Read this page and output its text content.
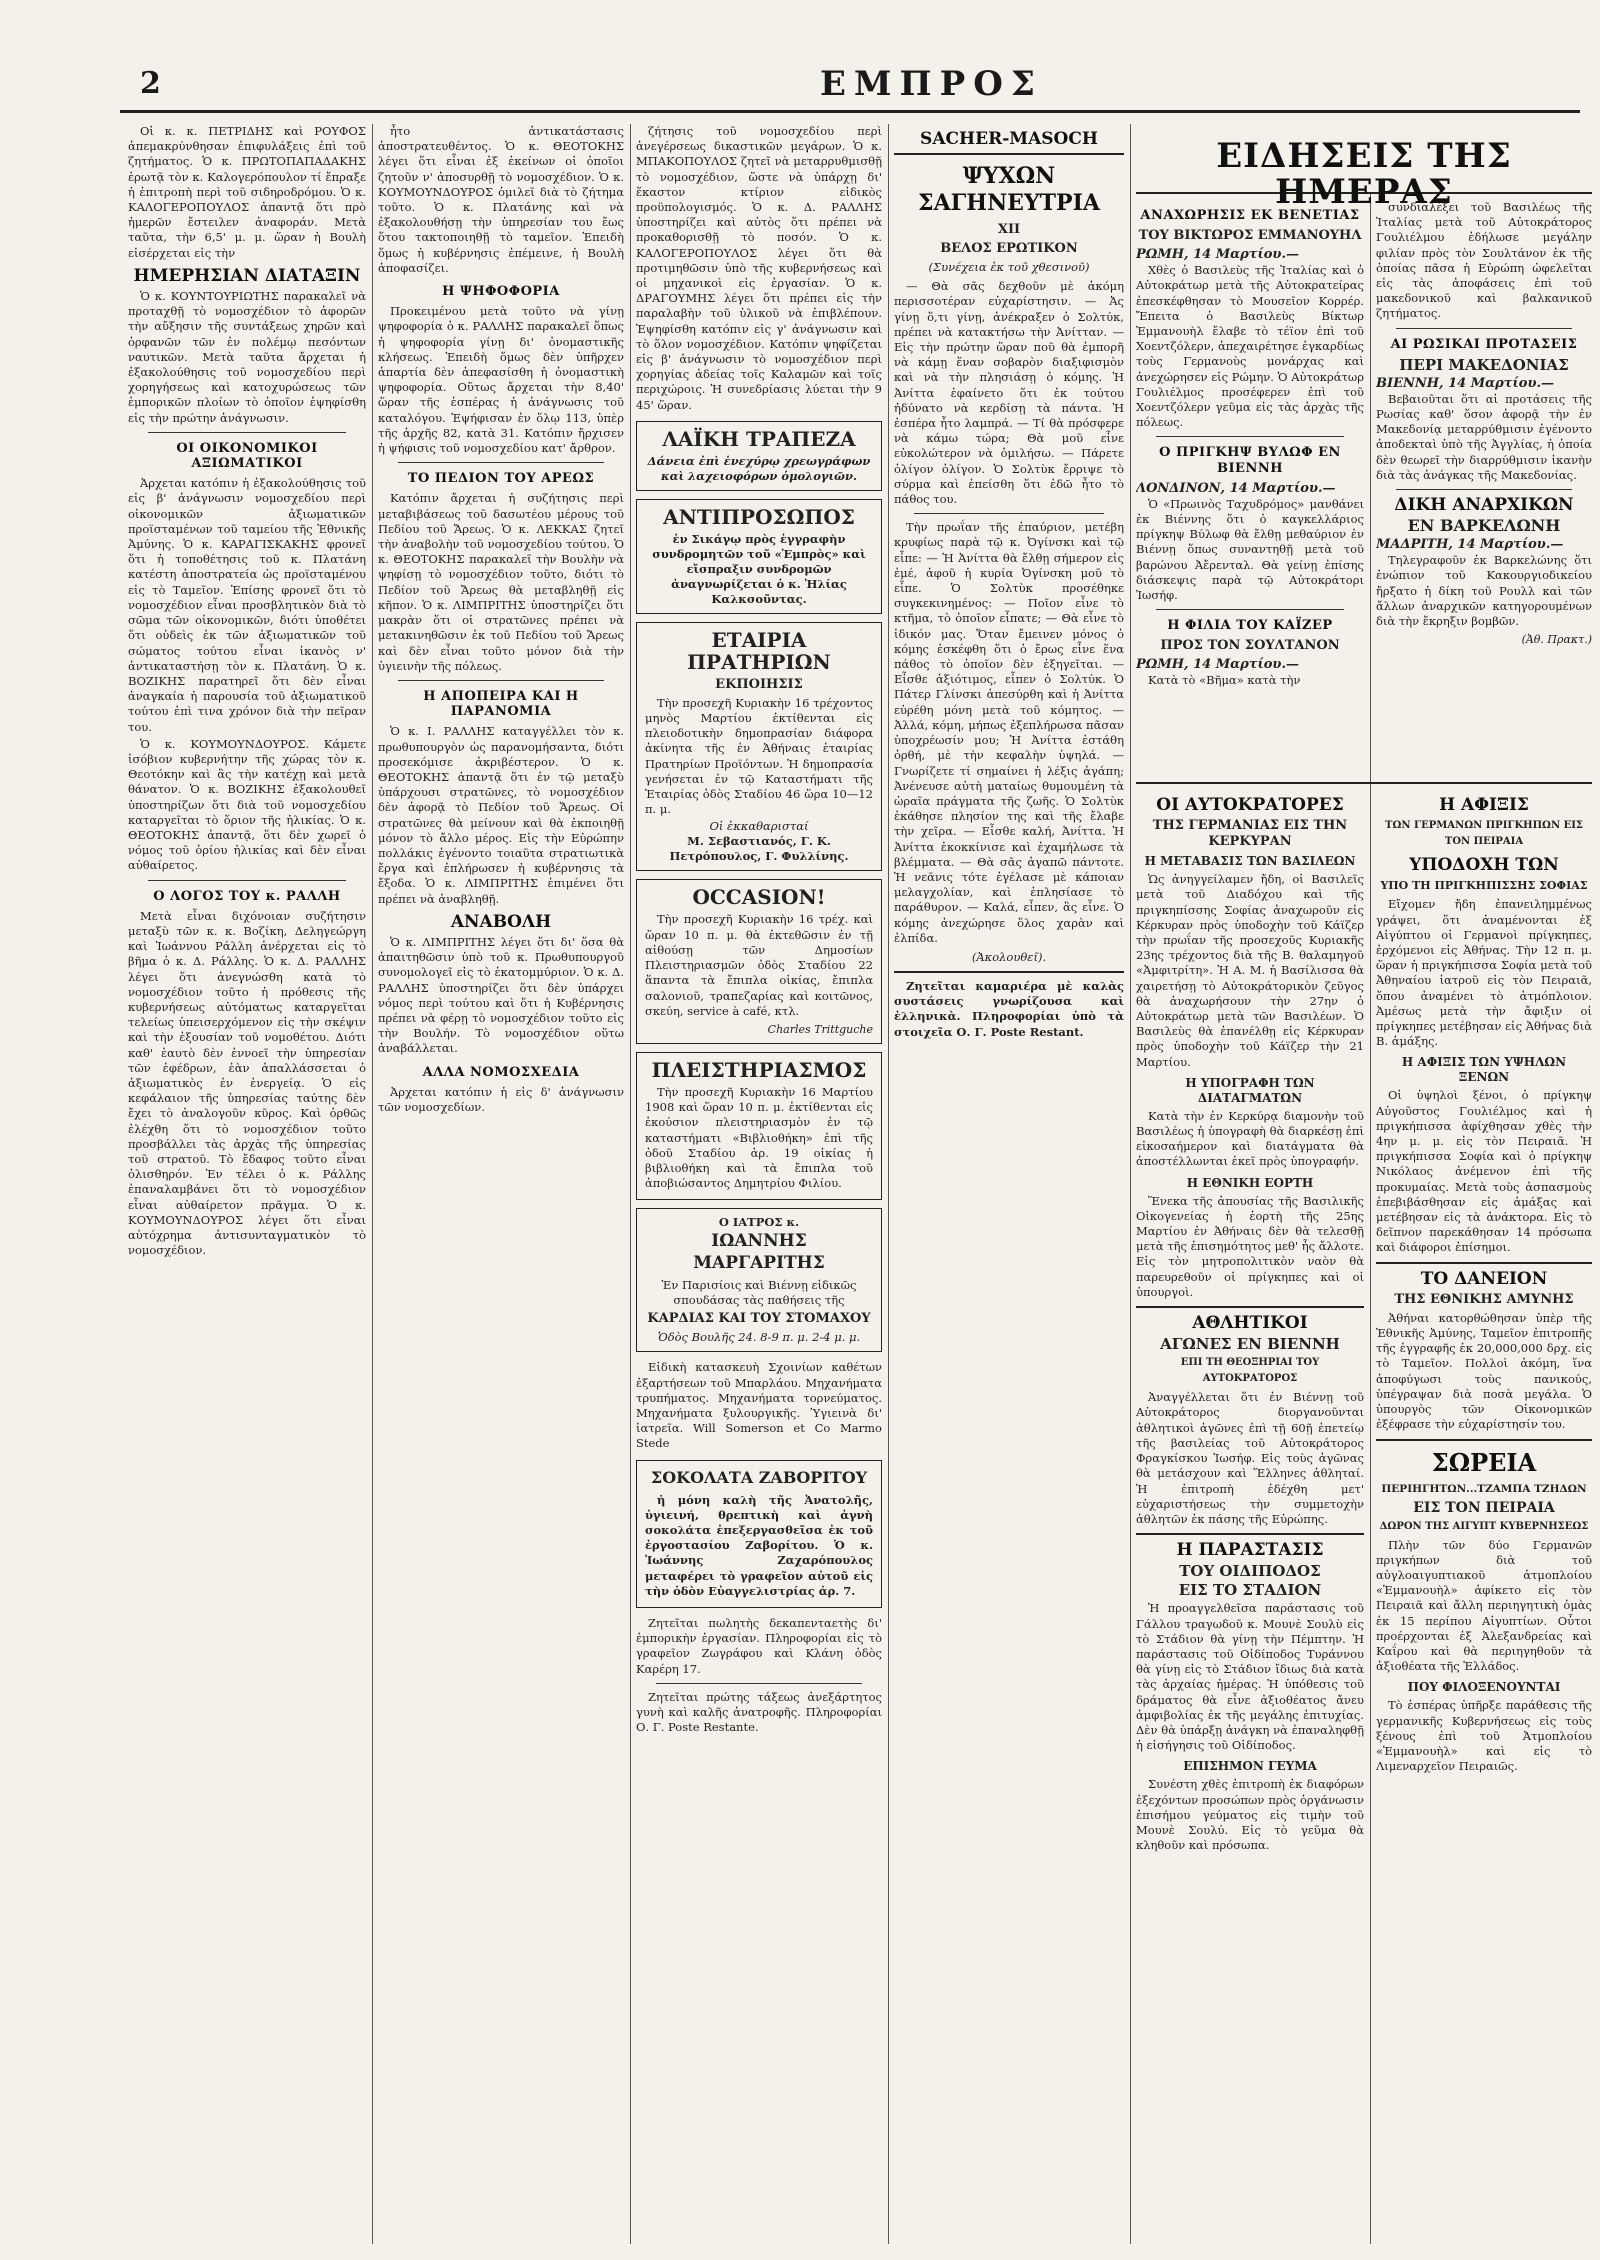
2	ΕΜΠΡΟΣ

Οἱ κ. κ. ΠΕΤΡΙΔΗΣ καὶ ΡΟΥΦΟΣ ἀπεμακρύνθησαν ἐπιφυλάξεις ἐπὶ τοῦ ζητήματος. Ὁ κ. ΠΡΩΤΟΠΑΠΑΔΑΚΗΣ ἐρωτᾷ τὸν κ. Καλογερόπουλον τί ἔπραξε ἡ ἐπιτροπὴ περὶ τοῦ σιδηροδρόμου. Ὁ κ. ΚΑΛΟΓΕΡΟΠΟΥΛΟΣ ἀπαντᾷ ὅτι πρὸ ἡμερῶν ἔστειλεν ἀναφοράν. Μετὰ ταῦτα, τὴν 6,5' μ. μ. ὥραν ἡ Βουλὴ εἰσέρχεται εἰς τὴν

ΗΜΕΡΗΣΙΑΝ ΔΙΑΤΑΞΙΝ

Ὁ κ. ΚΟΥΝΤΟΥΡΙΩΤΗΣ παρακαλεῖ νὰ προταχθῇ τὸ νομοσχέδιον τὸ ἀφορῶν τὴν αὔξησιν τῆς συντάξεως χηρῶν καὶ ὀρφανῶν τῶν ἐν πολέμῳ πεσόντων ναυτικῶν. Μετὰ ταῦτα ἄρχεται ἡ ἐξακολούθησις τοῦ νομοσχεδίου περὶ χορηγήσεως καὶ κατοχυρώσεως τῶν ἐμπορικῶν πλοίων τὸ ὁποῖον ἐψηφίσθη εἰς τὴν πρώτην ἀνάγνωσιν.

ΟΙ ΟΙΚΟΝΟΜΙΚΟΙ ΑΞΙΩΜΑΤΙΚΟΙ

Ἀρχεται κατόπιν ἡ ἐξακολούθησις τοῦ εἰς β' ἀνάγνωσιν νομοσχεδίου περὶ οἰκονομικῶν ἀξιωματικῶν προϊσταμένων τοῦ ταμείου τῆς Ἐθνικῆς Ἀμύνης. Ὁ κ. ΚΑΡΑΓΙΣΚΑΚΗΣ φρονεῖ ὅτι ἡ τοποθέτησις τοῦ κ. Πλατάνη κατέστη ἀποστρατεία ὡς προϊσταμένου εἰς τὸ Ταμεῖον. Ἐπίσης φρονεῖ ὅτι τὸ νομοσχέδιον εἶναι προσβλητικὸν διὰ τὸ σῶμα τῶν οἰκονομικῶν, διότι ὑποθέτει ὅτι οὐδεὶς ἐκ τῶν ἀξιωματικῶν τοῦ σώματος τούτου εἶναι ἱκανὸς ν' ἀντικαταστήσῃ τὸν κ. Πλατάνη. Ὁ κ. ΒΟΖΙΚΗΣ παρατηρεῖ ὅτι δὲν εἶναι ἀναγκαία ἡ παρουσία τοῦ ἀξιωματικοῦ τούτου ἐπὶ τινα χρόνον διὰ τὴν πεῖραν του.

Ὁ κ. ΚΟΥΜΟΥΝΔΟΥΡΟΣ. Κάμετε ἰσόβιον κυβερνήτην τῆς χώρας τὸν κ. Θεοτόκην καὶ ἂς τὴν κατέχῃ καὶ μετὰ θάνατον. Ὁ κ. ΒΟΖΙΚΗΣ ἐξακολουθεῖ ὑποστηρίζων ὅτι διὰ τοῦ νομοσχεδίου καταργεῖται τὸ ὅριον τῆς ἡλικίας. Ὁ κ. ΘΕΟΤΟΚΗΣ ἀπαντᾷ, ὅτι δὲν χωρεῖ ὁ νόμος τοῦ ὁρίου ἡλικίας καὶ δὲν εἶναι αὐθαίρετος.

Ο ΛΟΓΟΣ ΤΟΥ κ. ΡΑΛΛΗ

Μετὰ εἶναι διχόνοιαν συζήτησιν μεταξὺ τῶν κ. κ. Βοζίκη, Δεληγεώργη καὶ Ἰωάννου Ράλλη ἀνέρχεται εἰς τὸ βῆμα ὁ κ. Δ. Ράλλης. Ὁ κ. Δ. ΡΑΛΛΗΣ λέγει ὅτι ἀνεγνώσθη κατὰ τὸ νομοσχέδιον τοῦτο ἡ πρόθεσις τῆς κυβερνήσεως αὐτόματως καταργεῖται τελείως ὑπεισερχόμενον εἰς τὴν σκέψιν καὶ τὴν ἐξουσίαν τοῦ νομοθέτου. Διότι καθ' ἑαυτὸ δὲν ἐννοεῖ τὴν ὑπηρεσίαν τῶν ἐφέδρων, ἐὰν ἀπαλλάσσεται ὁ ἀξιωματικὸς ἐν ἐνεργείᾳ. Ὁ εἰς κεφάλαιον τῆς ὑπηρεσίας ταύτης δὲν ἔχει τὸ ἀναλογοῦν κῦρος. Καὶ ὀρθῶς ἐλέχθη ὅτι τὸ νομοσχέδιον τοῦτο προσβάλλει τὰς ἀρχὰς τῆς ὑπηρεσίας τοῦ στρατοῦ. Τὸ ἔδαφος τοῦτο εἶναι ὀλισθηρόν. Ἐν τέλει ὁ κ. Ράλλης ἐπαναλαμβάνει ὅτι τὸ νομοσχέδιον εἶναι αὐθαίρετον πρᾶγμα. Ὁ κ. ΚΟΥΜΟΥΝΔΟΥΡΟΣ λέγει ὅτι εἶναι αὐτόχρημα ἀντισυνταγματικὸν τὸ νομοσχέδιον.

ἦτο ἀντικατάστασις ἀποστρατευθέντος. Ὁ κ. ΘΕΟΤΟΚΗΣ λέγει ὅτι εἶναι ἐξ ἐκείνων οἱ ὁποῖοι ζητοῦν ν' ἀποσυρθῇ τὸ νομοσχέδιον. Ὁ κ. ΚΟΥΜΟΥΝΔΟΥΡΟΣ ὁμιλεῖ διὰ τὸ ζήτημα τοῦτο. Ὁ κ. Πλατάνης καὶ νὰ ἐξακολουθήσῃ τὴν ὑπηρεσίαν του ἔως ὅτου τακτοποιηθῇ τὸ ταμεῖον. Ἐπειδὴ ὅμως ἡ κυβέρνησις ἐπέμεινε, ἡ Βουλὴ ἀποφασίζει.

Η ΨΗΦΟΦΟΡΙΑ

Προκειμένου μετὰ τοῦτο νὰ γίνῃ ψηφοφορία ὁ κ. ΡΑΛΛΗΣ παρακαλεῖ ὅπως ἡ ψηφοφορία γίνῃ δι' ὀνομαστικῆς κλήσεως. Ἐπειδὴ ὅμως δὲν ὑπῆρχεν ἀπαρτία δὲν ἀπεφασίσθη ἡ ὀνομαστικὴ ψηφοφορία. Οὕτως ἄρχεται τὴν 8,40' ὥραν τῆς ἑσπέρας ἡ ἀνάγνωσις τοῦ καταλόγου. Ἐψήφισαν ἐν ὅλῳ 113, ὑπὲρ τῆς ἀρχῆς 82, κατὰ 31. Κατόπιν ἤρχισεν ἡ ψήφισις τοῦ νομοσχεδίου κατ' ἄρθρον.

ΤΟ ΠΕΔΙΟΝ ΤΟΥ ΑΡΕΩΣ

Κατόπιν ἄρχεται ἡ συζήτησις περὶ μεταβιβάσεως τοῦ δασωτέου μέρους τοῦ Πεδίου τοῦ Ἄρεως. Ὁ κ. ΛΕΚΚΑΣ ζητεῖ τὴν ἀναβολὴν τοῦ νομοσχεδίου τούτου. Ὁ κ. ΘΕΟΤΟΚΗΣ παρακαλεῖ τὴν Βουλὴν νὰ ψηφίσῃ τὸ νομοσχέδιον τοῦτο, διότι τὸ Πεδίον τοῦ Ἄρεως θὰ μεταβληθῇ εἰς κῆπον. Ὁ κ. ΛΙΜΠΡΙΤΗΣ ὑποστηρίζει ὅτι μακρὰν ὅτι οἱ στρατῶνες πρέπει νὰ μετακινηθῶσιν ἐκ τοῦ Πεδίου τοῦ Ἄρεως καὶ δὲν εἶναι τοῦτο μόνον διὰ τὴν ὑγιεινὴν τῆς πόλεως.

Η ΑΠΟΠΕΙΡΑ ΚΑΙ Η ΠΑΡΑΝΟΜΙΑ

Ὁ κ. Ι. ΡΑΛΛΗΣ καταγγέλλει τὸν κ. πρωθυπουργὸν ὡς παρανομήσαντα, διότι προσεκόμισε ἀκριβέστερον. Ὁ κ. ΘΕΟΤΟΚΗΣ ἀπαντᾷ ὅτι ἐν τῷ μεταξὺ ὑπάρχουσι στρατῶνες, τὸ νομοσχέδιον δὲν ἀφορᾷ τὸ Πεδίον τοῦ Ἄρεως. Οἱ στρατῶνες θὰ μείνουν καὶ θὰ ἐκποιηθῇ μόνον τὸ ἄλλο μέρος. Εἰς τὴν Εὐρώπην πολλάκις ἐγένοντο τοιαῦτα στρατιωτικὰ ἔργα καὶ ἐπλήρωσεν ἡ κυβέρνησις τὰ ἔξοδα. Ὁ κ. ΛΙΜΠΡΙΤΗΣ ἐπιμένει ὅτι πρέπει νὰ ἀναβληθῇ.

ΑΝΑΒΟΛΗ

Ὁ κ. ΛΙΜΠΡΙΤΗΣ λέγει ὅτι δι' ὅσα θὰ ἀπαιτηθῶσιν ὑπὸ τοῦ κ. Πρωθυπουργοῦ συνομολογεῖ εἰς τὸ ἐκατομμύριον. Ὁ κ. Δ. ΡΑΛΛΗΣ ὑποστηρίζει ὅτι δὲν ὑπάρχει νόμος περὶ τούτου καὶ ὅτι ἡ Κυβέρνησις πρέπει νὰ φέρῃ τὸ νομοσχέδιον τοῦτο εἰς τὴν Βουλήν. Τὸ νομοσχέδιον οὕτω ἀναβάλλεται.

ΑΛΛΑ ΝΟΜΟΣΧΕΔΙΑ

Ἀρχεται κατόπιν ἡ εἰς δ' ἀνάγνωσιν τῶν νομοσχεδίων.

ζήτησις τοῦ νομοσχεδίου περὶ ἀνεγέρσεως δικαστικῶν μεγάρων. Ὁ κ. ΜΠΑΚΟΠΟΥΛΟΣ ζητεῖ νὰ μεταρρυθμισθῇ τὸ νομοσχέδιον, ὥστε νὰ ὑπάρχῃ δι' ἕκαστον κτίριον εἰδικὸς προϋπολογισμός. Ὁ κ. Δ. ΡΑΛΛΗΣ ὑποστηρίζει καὶ αὐτὸς ὅτι πρέπει νὰ προκαθορισθῇ τὸ ποσόν. Ὁ κ. ΚΑΛΟΓΕΡΟΠΟΥΛΟΣ λέγει ὅτι θὰ προτιμηθῶσιν ὑπὸ τῆς κυβερνήσεως καὶ οἱ μηχανικοὶ εἰς ἐργασίαν. Ὁ κ. ΔΡΑΓΟΥΜΗΣ λέγει ὅτι πρέπει εἰς τὴν παραλαβὴν τοῦ ὑλικοῦ νὰ ἐπιβλέπουν. Ἐψηφίσθη κατόπιν εἰς γ' ἀνάγνωσιν καὶ τὸ ὅλον νομοσχέδιον. Κατόπιν ψηφίζεται εἰς β' ἀνάγνωσιν τὸ νομοσχέδιον περὶ χορηγίας ἀδείας τοῖς Καλαμῶν καὶ τοῖς περιχώροις. Ἡ συνεδρίασις λύεται τὴν 9 45' ὥραν.

ΛΑΪΚΗ ΤΡΑΠΕΖΑ
Δάνεια ἐπὶ ἐνεχύρῳ χρεωγράφων καὶ λαχειοφόρων ὁμολογιῶν.
ΑΝΤΙΠΡΟΣΩΠΟΣ
ἐν Σικάγῳ πρὸς ἐγγραφὴν συνδρομητῶν τοῦ «Ἐμπρὸς» καὶ εἴσπραξιν συνδρομῶν ἀναγνωρίζεται ὁ κ. Ἠλίας Καλκσοῦντας.
ΕΤΑΙΡΙΑ ΠΡΑΤΗΡΙΩΝ
ΕΚΠΟΙΗΣΙΣ

Τὴν προσεχῆ Κυριακὴν 16 τρέχοντος μηνὸς Μαρτίου ἐκτίθενται εἰς πλειοδοτικὴν δημοπρασίαν διάφορα ἀκίνητα τῆς ἐν Ἀθήναις ἑταιρίας Πρατηρίων Προϊόντων. Ἡ δημοπρασία γενήσεται ἐν τῷ Καταστήματι τῆς Ἑταιρίας ὁδὸς Σταδίου 46 ὥρα 10—12 π. μ.

Οἱ ἐκκαθαρισταί
Μ. Σεβαστιανός, Γ. Κ. Πετρόπουλος, Γ. Φυλλίνης.
OCCASION!

Τὴν προσεχῆ Κυριακὴν 16 τρέχ. καὶ ὥραν 10 π. μ. θὰ ἐκτεθῶσιν ἐν τῇ αἰθούσῃ τῶν Δημοσίων Πλειστηριασμῶν ὁδὸς Σταδίου 22 ἅπαντα τὰ ἔπιπλα οἰκίας, ἔπιπλα σαλονιοῦ, τραπεζαρίας καὶ κοιτῶνος, σκεύη, service à café, κτλ.

Charles Trittguche
ΠΛΕΙΣΤΗΡΙΑΣΜΟΣ

Τὴν προσεχῆ Κυριακὴν 16 Μαρτίου 1908 καὶ ὥραν 10 π. μ. ἐκτίθενται εἰς ἐκούσιον πλειστηριασμὸν ἐν τῷ καταστήματι «Βιβλιοθήκη» ἐπὶ τῆς ὁδοῦ Σταδίου ἀρ. 19 οἰκίας ἡ βιβλιοθήκη καὶ τὰ ἔπιπλα τοῦ ἀποβιώσαντος Δημητρίου Φιλίου.

Ο ΙΑΤΡΟΣ κ.
ΙΩΑΝΝΗΣ ΜΑΡΓΑΡΙΤΗΣ
Ἐν Παρισίοις καὶ Βιέννῃ εἰδικῶς σπουδάσας τὰς παθήσεις τῆς
ΚΑΡΔΙΑΣ ΚΑΙ ΤΟΥ ΣΤΟΜΑΧΟΥ
Ὁδὸς Βουλῆς 24. 8-9 π. μ. 2-4 μ. μ.

Εἰδικὴ κατασκευὴ Σχοινίων καθέτων ἐξαρτήσεων τοῦ Μπαρλάου. Μηχανήματα τρυπήματος. Μηχανήματα τορνεύματος. Μηχανήματα ξυλουργικῆς. Ὑγιεινὰ δι' ἰατρεῖα. Will Somerson et Co Marmo Stede

ΣΟΚΟΛΑΤΑ ΖΑΒΟΡΙΤΟΥ

ἡ μόνη καλὴ τῆς Ἀνατολῆς, ὑγιεινή, θρεπτικὴ καὶ ἀγνὴ σοκολάτα ἐπεξεργασθεῖσα ἐκ τοῦ ἐργοστασίου Ζαβορίτου. Ὁ κ. Ἰωάννης Ζαχαρόπουλος μεταφέρει τὸ γραφεῖον αὐτοῦ εἰς τὴν ὁδὸν Εὐαγγελιστρίας ἀρ. 7.

Ζητεῖται πωλητὴς δεκαπενταετὴς δι' ἐμπορικὴν ἐργασίαν. Πληροφορίαι εἰς τὸ γραφεῖον Ζωγράφου καὶ Κλάνη ὁδὸς Καρέρη 17.

Ζητεῖται πρώτης τάξεως ἀνεξάρτητος γυνὴ καὶ καλῆς ἀνατροφῆς. Πληροφορίαι Ο. Γ. Poste Restante.

SACHER-MASOCH
ΨΥΧΩΝ ΣΑΓΗΝΕΥΤΡΙΑ
XII
ΒΕΛΟΣ ΕΡΩΤΙΚΟΝ
(Συνέχεια ἐκ τοῦ χθεσινοῦ)

— Θὰ σᾶς δεχθοῦν μὲ ἀκόμη περισσοτέραν εὐχαρίστησιν. — Ἀς γίνῃ ὅ,τι γίνῃ, ἀνέκραξεν ὁ Σολτύκ, πρέπει νὰ κατακτήσω τὴν Ἀνίτταν. — Εἰς τὴν πρώτην ὥραν ποῦ θὰ ἐμπορῆ νὰ κάμῃ ἕναν σοβαρὸν διαξιφισμὸν καὶ νὰ τὴν πλησιάσῃ ὁ κόμης. Ἡ Ἀνίττα ἐφαίνετο ὅτι ἐκ τούτου ἠδύνατο νὰ κερδίσῃ τὰ πάντα. Ἡ ἐσπέρα ἦτο λαμπρά. — Τί θὰ πρόσφερε νὰ κάμω τώρα; Θὰ μοῦ εἶνε εὐκολώτερον νὰ ὁμιλήσω. — Πάρετε ὀλίγον ὀλίγον. Ὁ Σολτὺκ ἔρριψε τὸ σύρμα καὶ ἐπείσθη ὅτι ἐδῶ ἦτο τὸ πάθος του.

Τὴν πρωΐαν τῆς ἐπαύριον, μετέβη κρυφίως παρὰ τῷ κ. Ὀγίνσκι καὶ τῷ εἶπε: — Ἡ Ἀνίττα θὰ ἔλθῃ σήμερον εἰς ἐμέ, ἀφοῦ ἡ κυρία Ὀγίνσκη μοῦ τὸ εἶπε. Ὁ Σολτὺκ προσέθηκε συγκεκινημένος: — Ποῖον εἶνε τὸ κτῆμα, τὸ ὁποῖον εἶπατε; — Θὰ εἶνε τὸ ἰδικόν μας. Ὅταν ἔμεινεν μόνος ὁ κόμης ἐσκέφθη ὅτι ὁ ἔρως εἶνε ἕνα πάθος τὸ ὁποῖον δὲν ἐξηγεῖται. — Εἶσθε ἀξιότιμος, εἶπεν ὁ Σολτύκ. Ὁ Πάτερ Γλίνσκι ἀπεσύρθη καὶ ἡ Ἀνίττα εὑρέθη μόνη μετὰ τοῦ κόμητος. — Ἀλλά, κόμη, μήπως ἐξεπλήρωσα πᾶσαν ὑποχρέωσίν μου; Ἡ Ἀνίττα ἐστάθη ὀρθή, μὲ τὴν κεφαλὴν ὑψηλά. — Γνωρίζετε τί σημαίνει ἡ λέξις ἀγάπη; Ἀνένευσε αὐτὴ ματαίως θυμουμένη τὰ ὡραῖα πράγματα τῆς ζωῆς. Ὁ Σολτὺκ ἐκάθησε πλησίον της καὶ τῆς ἔλαβε τὴν χεῖρα. — Εἶσθε καλή, Ἀνίττα. Ἡ Ἀνίττα ἐκοκκίνισε καὶ ἐχαμήλωσε τὰ βλέμματα. — Θὰ σᾶς ἀγαπῶ πάντοτε. Ἡ νεᾶνις τότε ἐγέλασε μὲ κάποιαν μελαγχολίαν, καὶ ἐπλησίασε τὸ παράθυρον. — Καλά, εἶπεν, ἂς εἶνε. Ὁ κόμης ἀνεχώρησε ὅλος χαρὰν καὶ ἐλπίδα.

(Ἀκολουθεῖ).

Ζητεῖται καμαριέρα μὲ καλὰς συστάσεις γνωρίζουσα καὶ ἐλληνικὰ. Πληροφορίαι ὑπὸ τὰ στοιχεῖα Ο. Γ. Poste Restant.

ΑΝΑΧΩΡΗΣΙΣ ΕΚ ΒΕΝΕΤΙΑΣ
ΤΟΥ ΒΙΚΤΩΡΟΣ ΕΜΜΑΝΟΥΗΛ
ΡΩΜΗ, 14 Μαρτίου.—

Χθὲς ὁ Βασιλεὺς τῆς Ἰταλίας καὶ ὁ Αὐτοκράτωρ μετὰ τῆς Αὐτοκρατείρας ἐπεσκέφθησαν τὸ Μουσεῖον Κορρέρ. Ἔπειτα ὁ Βασιλεὺς Βίκτωρ Ἐμμανουὴλ ἔλαβε τὸ τέϊον ἐπὶ τοῦ Χοεντζόλερν, ἀπεχαιρέτησε ἐγκαρδίως τοὺς Γερμανοὺς μονάρχας καὶ ἀνεχώρησεν εἰς Ρώμην. Ὁ Αὐτοκράτωρ Γουλιέλμος προσέφερεν ἐπὶ τοῦ Χοεντζόλερν γεῦμα εἰς τὰς ἀρχὰς τῆς πόλεως.

Ο ΠΡΙΓΚΗΨ ΒΥΛΩΦ ΕΝ ΒΙΕΝΝΗ
ΛΟΝΔΙΝΟΝ, 14 Μαρτίου.—

Ὁ «Πρωινὸς Ταχυδρόμος» μανθάνει ἐκ Βιέννης ὅτι ὁ καγκελλάριος πρίγκηψ Βύλωφ θὰ ἔλθῃ μεθαύριον ἐν Βιέννῃ ὅπως συναντηθῇ μετὰ τοῦ βαρώνου Ἀἔρενταλ. Θὰ γείνῃ ἐπίσης διάσκεψις παρὰ τῷ Αὐτοκράτορι Ἰωσήφ.

Η ΦΙΛΙΑ ΤΟΥ ΚΑΪΖΕΡ
ΠΡΟΣ ΤΟΝ ΣΟΥΛΤΑΝΟΝ
ΡΩΜΗ, 14 Μαρτίου.—

Κατὰ τὸ «Βῆμα» κατὰ τὴν

συνδιαλέξει τοῦ Βασιλέως τῆς Ἰταλίας μετὰ τοῦ Αὐτοκράτορος Γουλιέλμου ἐδήλωσε μεγάλην φιλίαν πρὸς τὸν Σουλτάνον ἐκ τῆς ὁποίας πᾶσα ἡ Εὐρώπη ὠφελεῖται εἰς τὰς ἀποφάσεις ἐπὶ τοῦ μακεδονικοῦ καὶ βαλκανικοῦ ζητήματος.

ΑΙ ΡΩΣΙΚΑΙ ΠΡΟΤΑΣΕΙΣ
ΠΕΡΙ ΜΑΚΕΔΟΝΙΑΣ
ΒΙΕΝΝΗ, 14 Μαρτίου.—

Βεβαιοῦται ὅτι αἱ προτάσεις τῆς Ρωσίας καθ' ὅσον ἀφορᾷ τὴν ἐν Μακεδονίᾳ μεταρρύθμισιν ἐγένοντο ἀποδεκταὶ ὑπὸ τῆς Ἀγγλίας, ἡ ὁποία δὲν θεωρεῖ τὴν διαρρύθμισιν ἱκανὴν διὰ τὰς ἀνάγκας τῆς Μακεδονίας.

ΔΙΚΗ ΑΝΑΡΧΙΚΩΝ
ΕΝ ΒΑΡΚΕΛΩΝΗ
ΜΑΔΡΙΤΗ, 14 Μαρτίου.—

Τηλεγραφοῦν ἐκ Βαρκελώνης ὅτι ἐνώπιον τοῦ Κακουργιοδικείου ἤρξατο ἡ δίκη τοῦ Ρουλλ καὶ τῶν ἄλλων ἀναρχικῶν κατηγορουμένων διὰ τὴν ἔκρηξιν βομβῶν.

(Ἀθ. Πρακτ.)
ΕΙΔΗΣΕΙΣ ΤΗΣ ΗΜΕΡΑΣ
ΟΙ ΑΥΤΟΚΡΑΤΟΡΕΣ
ΤΗΣ ΓΕΡΜΑΝΙΑΣ ΕΙΣ ΤΗΝ ΚΕΡΚΥΡΑΝ
Η ΜΕΤΑΒΑΣΙΣ ΤΩΝ ΒΑΣΙΛΕΩΝ

Ὡς ἀνηγγείλαμεν ἤδη, οἱ Βασιλεῖς μετὰ τοῦ Διαδόχου καὶ τῆς πριγκηπίσσης Σοφίας ἀναχωροῦν εἰς Κέρκυραν πρὸς ὑποδοχὴν τοῦ Κάϊζερ τὴν πρωΐαν τῆς προσεχοῦς Κυριακῆς 23ης τρέχοντος διὰ τῆς Β. θαλαμηγοῦ «Ἀμφιτρίτη». Ἡ Α. Μ. ἡ Βασίλισσα θὰ χαιρετήσῃ τὸ Αὐτοκράτορικὸν ζεῦγος θὰ ἀναχωρήσουν τὴν 27ην ὁ Αὐτοκράτωρ μετὰ τῶν Βασιλέων. Ὁ Βασιλεὺς θὰ ἐπανέλθῃ εἰς Κέρκυραν πρὸς ὑποδοχὴν τοῦ Κάϊζερ τὴν 21 Μαρτίου.

Η ΥΠΟΓΡΑΦΗ ΤΩΝ ΔΙΑΤΑΓΜΑΤΩΝ

Κατὰ τὴν ἐν Κερκύρᾳ διαμονὴν τοῦ Βασιλέως ἡ ὑπογραφὴ θὰ διαρκέσῃ ἐπὶ εἰκοσαήμερον καὶ διατάγματα θὰ ἀποστέλλωνται ἐκεῖ πρὸς ὑπογραφήν.

Η ΕΘΝΙΚΗ ΕΟΡΤΗ

Ἕνεκα τῆς ἀπουσίας τῆς Βασιλικῆς Οἰκογενείας ἡ ἑορτὴ τῆς 25ης Μαρτίου ἐν Ἀθήναις δὲν θὰ τελεσθῇ μετὰ τῆς ἐπισημότητος μεθ' ἧς ἄλλοτε. Εἰς τὸν μητροπολιτικὸν ναὸν θὰ παρευρεθοῦν οἱ πρίγκηπες καὶ οἱ ὑπουργοὶ.

ΑΘΛΗΤΙΚΟΙ
ΑΓΩΝΕΣ ΕΝ ΒΙΕΝΝΗ
ΕΠΙ ΤΗ ΘΕΟΞΗΡΙΑΙ ΤΟΥ ΑΥΤΟΚΡΑΤΟΡΟΣ

Ἀναγγέλλεται ὅτι ἐν Βιέννῃ τοῦ Αὐτοκράτορος διοργανοῦνται ἀθλητικοὶ ἀγῶνες ἐπὶ τῇ 60ῇ ἐπετείῳ τῆς βασιλείας τοῦ Αὐτοκράτορος Φραγκίσκου Ἰωσήφ. Εἰς τοὺς ἀγῶνας θὰ μετάσχουν καὶ Ἕλληνες ἀθληταί. Ἡ ἐπιτροπὴ ἐδέχθη μετ' εὐχαριστήσεως τὴν συμμετοχὴν ἀθλητῶν ἐκ πάσης τῆς Εὐρώπης.

Η ΠΑΡΑΣΤΑΣΙΣ
ΤΟΥ ΟΙΔΙΠΟΔΟΣ
ΕΙΣ ΤΟ ΣΤΑΔΙΟΝ

Ἡ προαγγελθεῖσα παράστασις τοῦ Γάλλου τραγωδοῦ κ. Μουνὲ Σουλὺ εἰς τὸ Στάδιον θὰ γίνῃ τὴν Πέμπτην. Ἡ παράστασις τοῦ Οἰδίποδος Τυράννου θὰ γίνῃ εἰς τὸ Στάδιον ἴδιως διὰ κατὰ τὰς ἀρχαίας ἡμέρας. Ἡ ὑπόθεσις τοῦ δράματος θὰ εἶνε ἀξιοθέατος ἄνευ ἀμφιβολίας ἐκ τῆς μεγάλης ἐπιτυχίας. Δὲν θὰ ὑπάρξῃ ἀνάγκη νὰ ἐπαναληφθῇ ἡ εἰσήγησις τοῦ Οἰδίποδος.

ΕΠΙΣΗΜΟΝ ΓΕΥΜΑ

Συνέστη χθὲς ἐπιτροπὴ ἐκ διαφόρων ἐξεχόντων προσώπων πρὸς ὀργάνωσιν ἐπισήμου γεύματος εἰς τιμὴν τοῦ Μουνὲ Σουλύ. Εἰς τὸ γεῦμα θὰ κληθοῦν καὶ πρόσωπα.

Η ΑΦΙΞΙΣ
ΤΩΝ ΓΕΡΜΑΝΩΝ ΠΡΙΓΚΗΠΩΝ ΕΙΣ ΤΟΝ ΠΕΙΡΑΙΑ
ΥΠΟΔΟΧΗ ΤΩΝ
ΥΠΟ ΤΗ ΠΡΙΓΚΗΠΙΣΣΗΣ ΣΟΦΙΑΣ

Εἴχομεν ἤδη ἐπανειλημμένως γράψει, ὅτι ἀναμένονται ἐξ Αἰγύπτου οἱ Γερμανοὶ πρίγκηπες, ἐρχόμενοι εἰς Ἀθήνας. Τὴν 12 π. μ. ὥραν ἡ πριγκήπισσα Σοφία μετὰ τοῦ Ἀθηναίου ἰατροῦ εἰς τὸν Πειραιᾶ, ὅπου ἀναμένει τὸ ἀτμόπλοιον. Ἀμέσως μετὰ τὴν ἄφιξιν οἱ πρίγκηπες μετέβησαν εἰς Ἀθήνας διὰ Β. ἁμάξης.

Η ΑΦΙΞΙΣ ΤΩΝ ΥΨΗΛΩΝ ΞΕΝΩΝ

Οἱ ὑψηλοὶ ξένοι, ὁ πρίγκηψ Αὐγοῦστος Γουλιέλμος καὶ ἡ πριγκήπισσα ἀφίχθησαν χθὲς τὴν 4ην μ. μ. εἰς τὸν Πειραιᾶ. Ἡ πριγκήπισσα Σοφία καὶ ὁ πρίγκηψ Νικόλαος ἀνέμενον ἐπὶ τῆς προκυμαίας. Μετὰ τοὺς ἀσπασμοὺς ἐπεβιβάσθησαν εἰς ἁμάξας καὶ μετέβησαν εἰς τὰ ἀνάκτορα. Εἰς τὸ δεῖπνον παρεκάθησαν 14 πρόσωπα καὶ διάφοροι ἐπίσημοι.

ΤΟ ΔΑΝΕΙΟΝ
ΤΗΣ ΕΘΝΙΚΗΣ ΑΜΥΝΗΣ

Ἀθήναι κατορθώθησαν ὑπὲρ τῆς Ἐθνικῆς Ἀμύνης, Ταμεῖον ἐπιτροπῆς τῆς ἐγγραφῆς ἐκ 20,000,000 δρχ. εἰς τὸ Ταμεῖον. Πολλοὶ ἀκόμη, ἵνα ἀποφύγωσι τοὺς πανικούς, ὑπέγραψαν διὰ ποσὰ μεγάλα. Ὁ ὑπουργὸς τῶν Οἰκονομικῶν ἐξέφρασε τὴν εὐχαρίστησίν του.

ΣΩΡΕΙΑ
ΠΕΡΙΗΓΗΤΩΝ...ΤΖΑΜΠΑ ΤΖΗΔΩΝ
ΕΙΣ ΤΟΝ ΠΕΙΡΑΙΑ
ΔΩΡΟΝ ΤΗΣ ΑΙΓΥΠΤ ΚΥΒΕΡΝΗΣΕΩΣ

Πλὴν τῶν δύο Γερμανῶν πριγκήπων διὰ τοῦ αὐγλοαιγυπτιακοῦ ἀτμοπλοίου «Ἐμμανουὴλ» ἀφίκετο εἰς τὸν Πειραιᾶ καὶ ἄλλη περιηγητικὴ ὁμὰς ἐκ 15 περίπου Αἰγυπτίων. Οὗτοι προέρχονται ἐξ Ἀλεξανδρείας καὶ Καΐρου καὶ θὰ περιηγηθοῦν τὰ ἀξιοθέατα τῆς Ἑλλάδος.

ΠΟΥ ΦΙΛΟΞΕΝΟΥΝΤΑΙ

Τὸ ἑσπέρας ὑπῆρξε παράθεσις τῆς γερμανικῆς Κυβερνήσεως εἰς τοὺς ξένους ἐπὶ τοῦ Ἀτμοπλοίου «Ἐμμανουὴλ» καὶ εἰς τὸ Λιμεναρχεῖον Πειραιῶς.
